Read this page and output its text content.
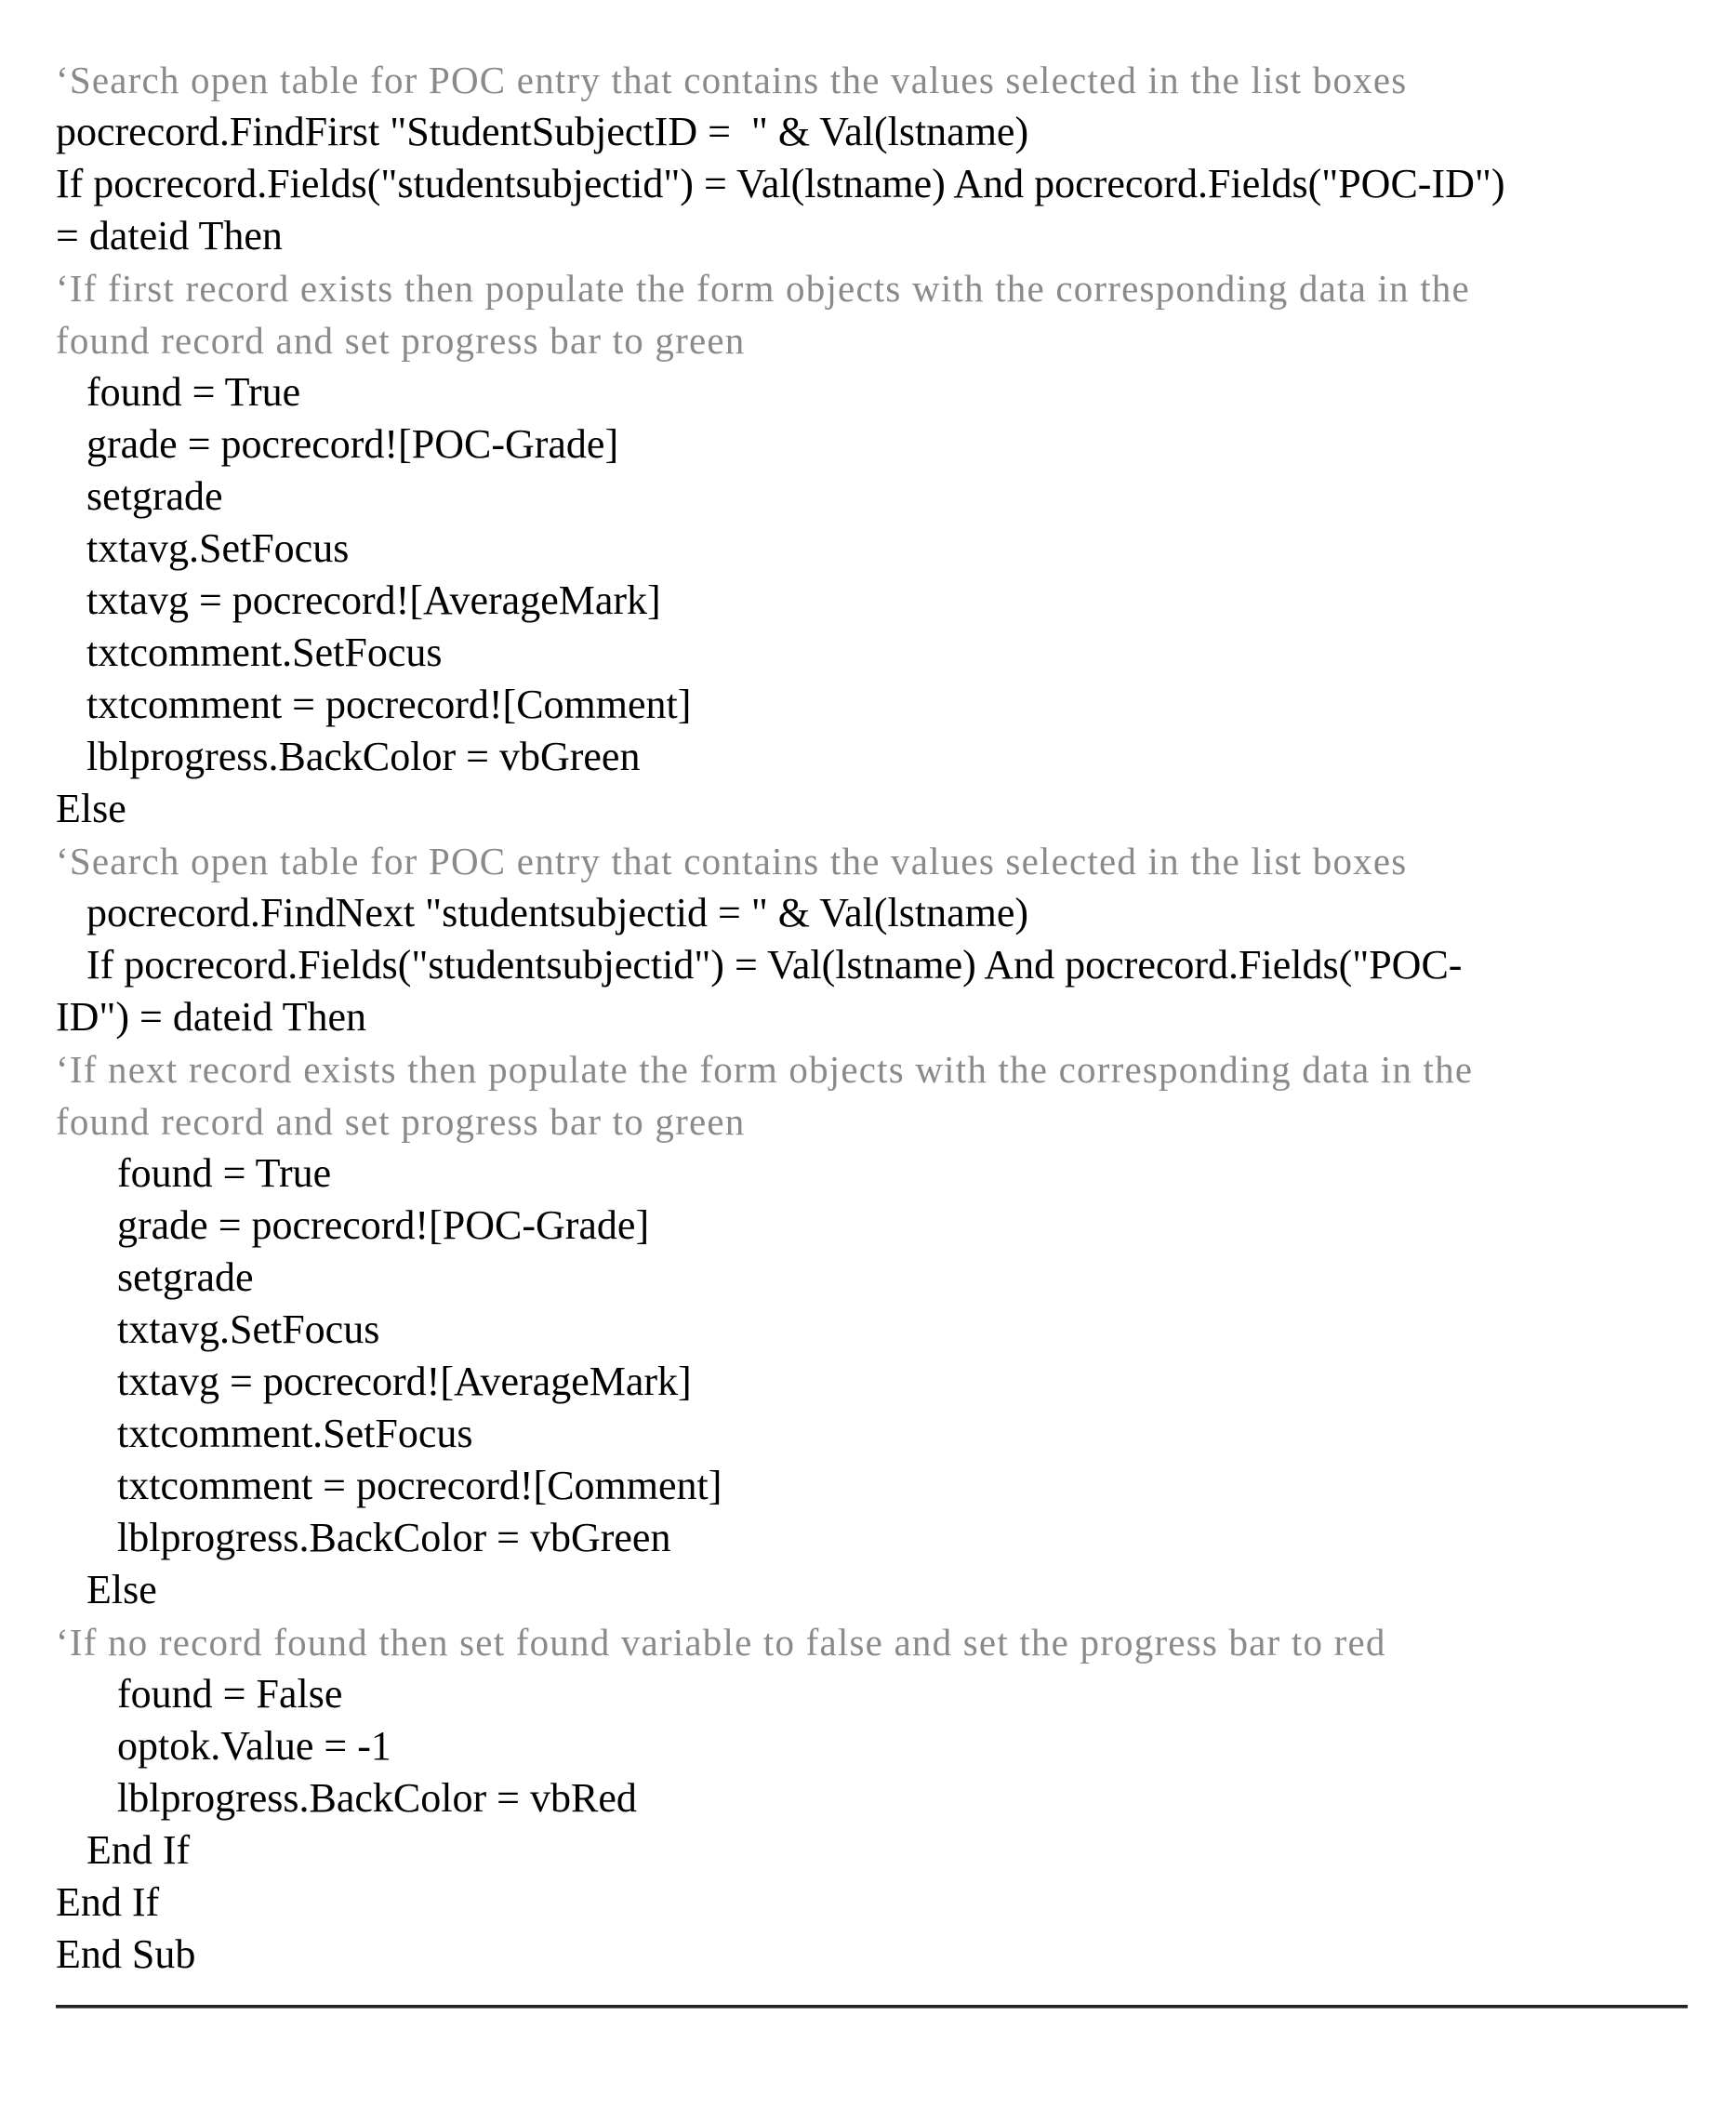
‘Search open table for POC entry that contains the values selected in the list boxes
pocrecord.FindFirst "StudentSubjectID =  " & Val(lstname)
If pocrecord.Fields("studentsubjectid") = Val(lstname) And pocrecord.Fields("POC-ID")
= dateid Then
‘If first record exists then populate the form objects with the corresponding data in the
found record and set progress bar to green
found = True
grade = pocrecord![POC-Grade]
setgrade
txtavg.SetFocus
txtavg = pocrecord![AverageMark]
txtcomment.SetFocus
txtcomment = pocrecord![Comment]
lblprogress.BackColor = vbGreen
Else
‘Search open table for POC entry that contains the values selected in the list boxes
pocrecord.FindNext "studentsubjectid = " & Val(lstname)
If pocrecord.Fields("studentsubjectid") = Val(lstname) And pocrecord.Fields("POC-
ID") = dateid Then
‘If next record exists then populate the form objects with the corresponding data in the
found record and set progress bar to green
found = True
grade = pocrecord![POC-Grade]
setgrade
txtavg.SetFocus
txtavg = pocrecord![AverageMark]
txtcomment.SetFocus
txtcomment = pocrecord![Comment]
lblprogress.BackColor = vbGreen
Else
‘If no record found then set found variable to false and set the progress bar to red
found = False
optok.Value = -1
lblprogress.BackColor = vbRed
End If
End If
End Sub
